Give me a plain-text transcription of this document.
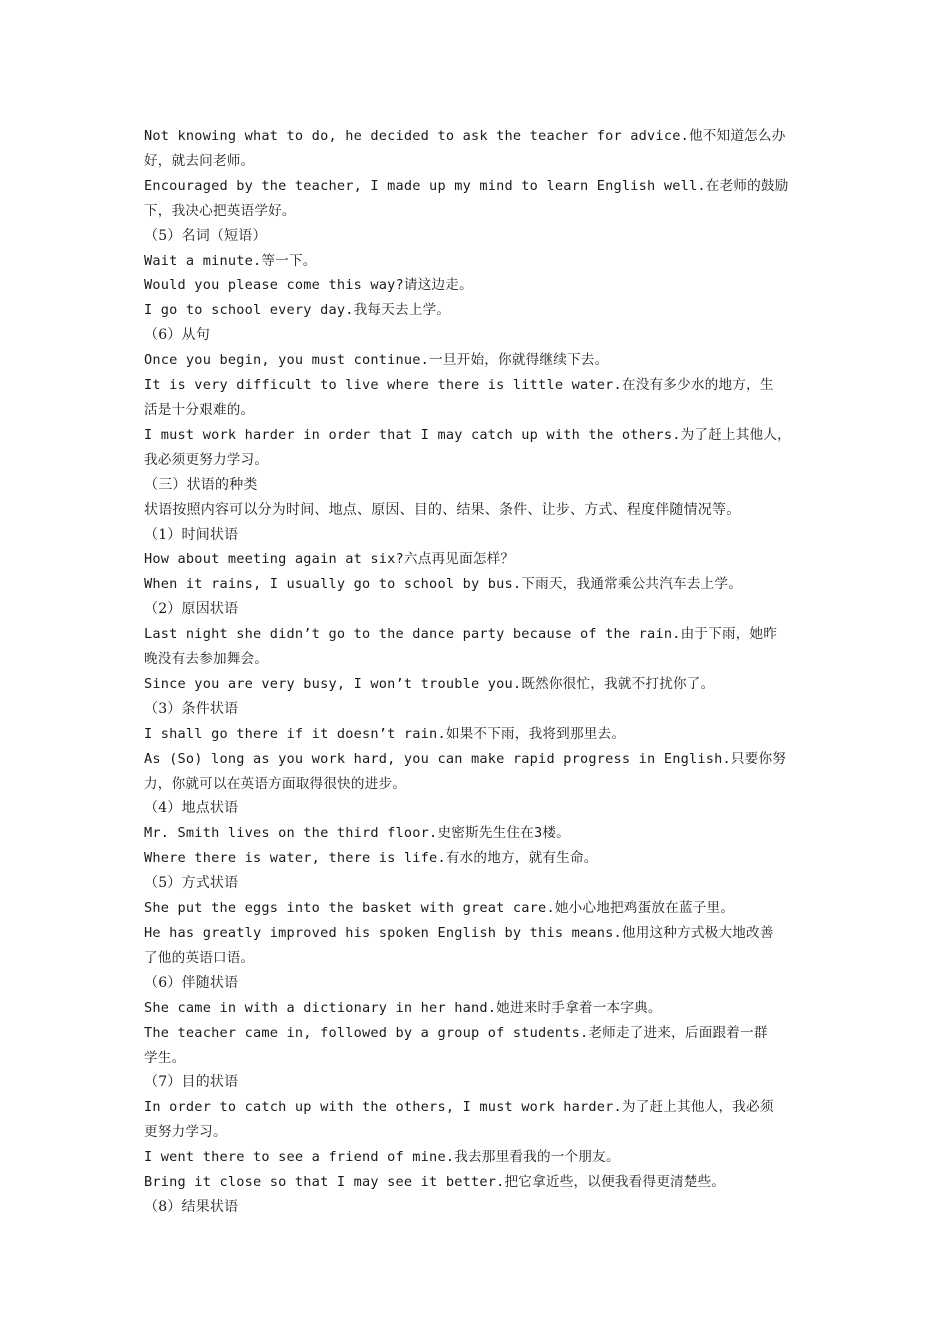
Not knowing what to do, he decided to ask the teacher for advice.他不知道怎么办
好，就去问老师。
Encouraged by the teacher, I made up my mind to learn English well.在老师的鼓励
下，我决心把英语学好。
（5）名词（短语）
Wait a minute.等一下。
Would you please come this way?请这边走。
I go to school every day.我每天去上学。
（6）从句
Once you begin, you must continue.一旦开始，你就得继续下去。
It is very difficult to live where there is little water.在没有多少水的地方，生
活是十分艰难的。
I must work harder in order that I may catch up with the others.为了赶上其他人，
我必须更努力学习。
（三）状语的种类
状语按照内容可以分为时间、地点、原因、目的、结果、条件、让步、方式、程度伴随情况等。
（1）时间状语
How about meeting again at six?六点再见面怎样？
When it rains, I usually go to school by bus.下雨天，我通常乘公共汽车去上学。
（2）原因状语
Last night she didn’t go to the dance party because of the rain.由于下雨，她昨
晚没有去参加舞会。
Since you are very busy, I won’t trouble you.既然你很忙，我就不打扰你了。
（3）条件状语
I shall go there if it doesn’t rain.如果不下雨，我将到那里去。
As (So) long as you work hard, you can make rapid progress in English.只要你努
力，你就可以在英语方面取得很快的进步。
（4）地点状语
Mr. Smith lives on the third floor.史密斯先生住在3楼。
Where there is water, there is life.有水的地方，就有生命。
（5）方式状语
She put the eggs into the basket with great care.她小心地把鸡蛋放在蓝子里。
He has greatly improved his spoken English by this means.他用这种方式极大地改善
了他的英语口语。
（6）伴随状语
She came in with a dictionary in her hand.她进来时手拿着一本字典。
The teacher came in, followed by a group of students.老师走了进来，后面跟着一群
学生。
（7）目的状语
In order to catch up with the others, I must work harder.为了赶上其他人，我必须
更努力学习。
I went there to see a friend of mine.我去那里看我的一个朋友。
Bring it close so that I may see it better.把它拿近些，以便我看得更清楚些。
（8）结果状语
